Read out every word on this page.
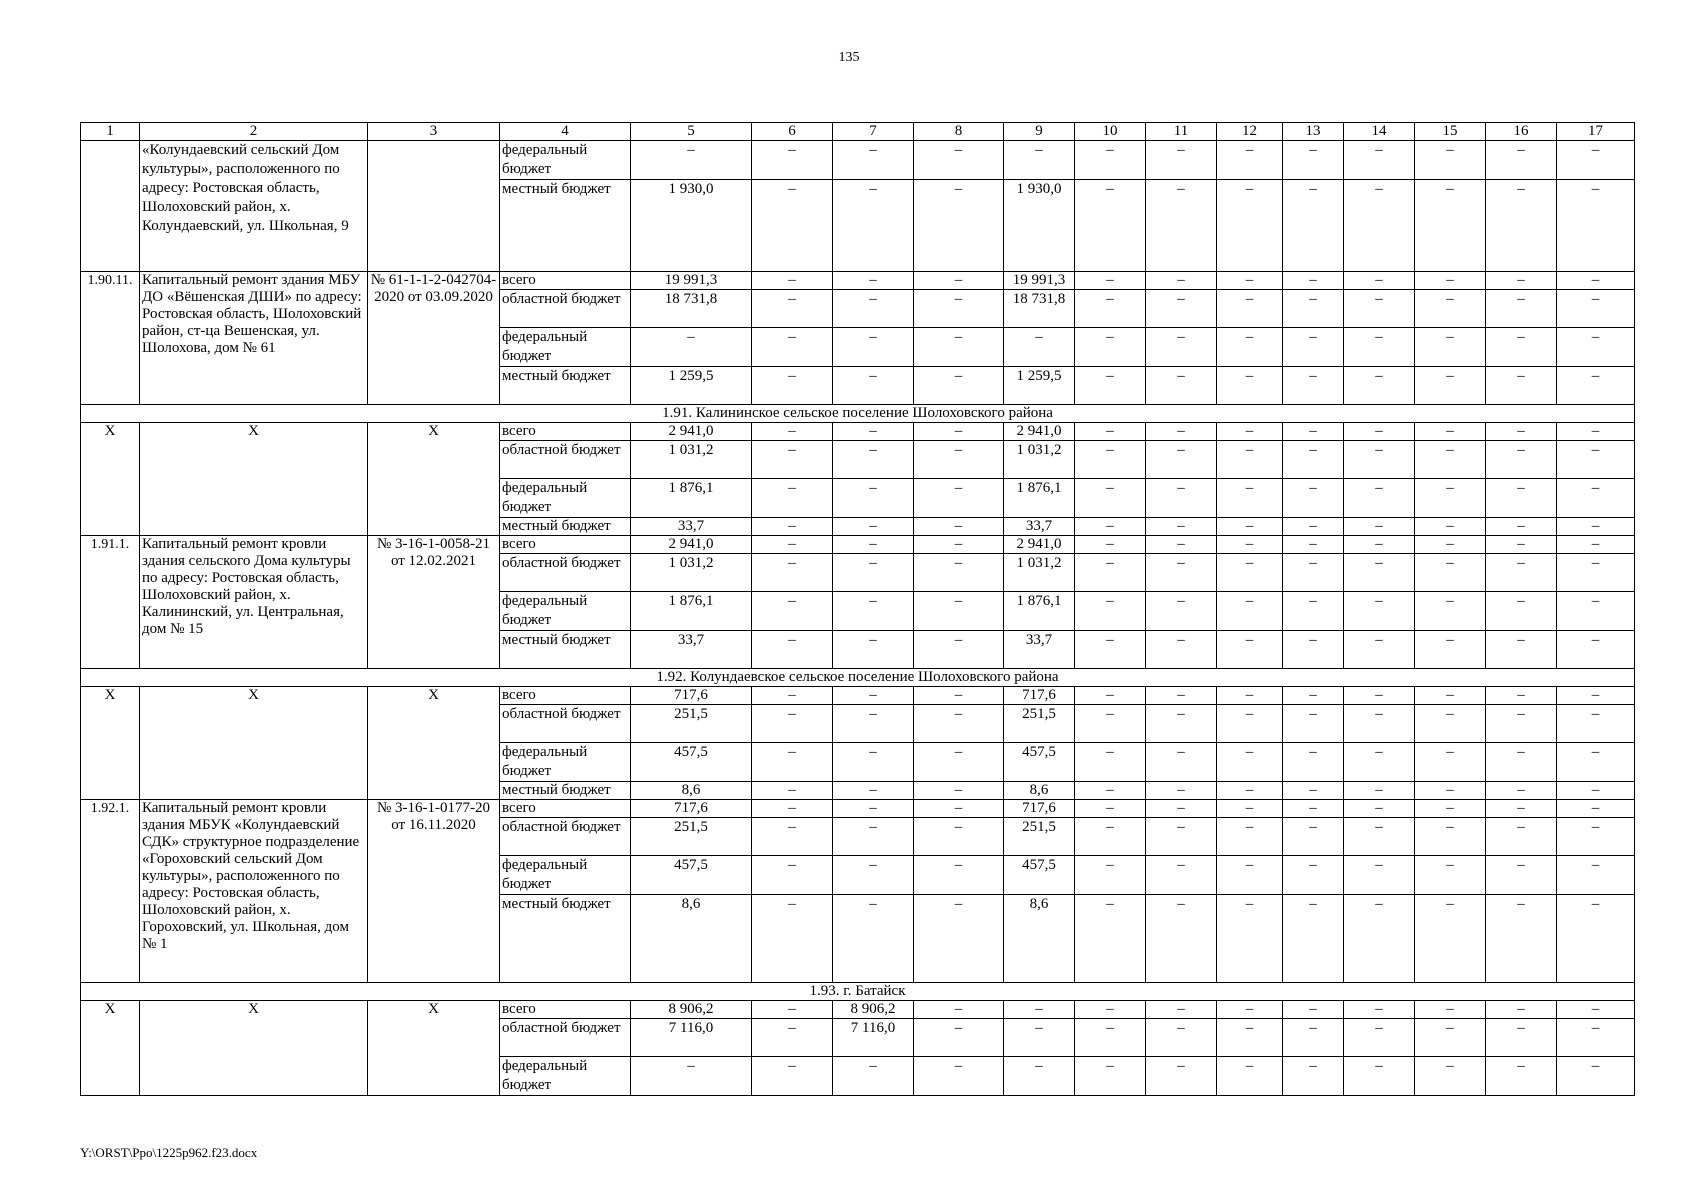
135
1	2	3	4	5	6	7	8	9	10	11	12	13	14	15	16	17
	«Колундаевский сельский Дом культуры», расположенного по адресу: Ростовская область, Шолоховский район, х. Колундаевский, ул. Школьная, 9		федеральный бюджет	–	–	–	–	–	–	–	–	–	–	–	–	–
			местный бюджет	1 930,0	–	–	–	1 930,0	–	–	–	–	–	–	–	–
1.90.11.	Капитальный ремонт здания МБУ ДО «Вёшенская ДШИ» по адресу: Ростовская область, Шолоховский район, ст-ца Вешенская, ул. Шолохова, дом № 61	№ 61-1-1-2-042704-2020 от 03.09.2020	всего	19 991,3	–	–	–	19 991,3	–	–	–	–	–	–	–	–
			областной бюджет	18 731,8	–	–	–	18 731,8	–	–	–	–	–	–	–	–
			федеральный бюджет	–	–	–	–	–	–	–	–	–	–	–	–	–
			местный бюджет	1 259,5	–	–	–	1 259,5	–	–	–	–	–	–	–	–
1.91. Калининское сельское поселение Шолоховского района																
X	X	X	всего	2 941,0	–	–	–	2 941,0	–	–	–	–	–	–	–	–
			областной бюджет	1 031,2	–	–	–	1 031,2	–	–	–	–	–	–	–	–
			федеральный бюджет	1 876,1	–	–	–	1 876,1	–	–	–	–	–	–	–	–
			местный бюджет	33,7	–	–	–	33,7	–	–	–	–	–	–	–	–
1.91.1.	Капитальный ремонт кровли здания сельского Дома культуры по адресу: Ростовская область, Шолоховский район, х. Калининский, ул. Центральная, дом № 15	№ 3-16-1-0058-21 от 12.02.2021	всего	2 941,0	–	–	–	2 941,0	–	–	–	–	–	–	–	–
			областной бюджет	1 031,2	–	–	–	1 031,2	–	–	–	–	–	–	–	–
			федеральный бюджет	1 876,1	–	–	–	1 876,1	–	–	–	–	–	–	–	–
			местный бюджет	33,7	–	–	–	33,7	–	–	–	–	–	–	–	–
1.92. Колундаевское сельское поселение Шолоховского района																
X	X	X	всего	717,6	–	–	–	717,6	–	–	–	–	–	–	–	–
			областной бюджет	251,5	–	–	–	251,5	–	–	–	–	–	–	–	–
			федеральный бюджет	457,5	–	–	–	457,5	–	–	–	–	–	–	–	–
			местный бюджет	8,6	–	–	–	8,6	–	–	–	–	–	–	–	–
1.92.1.	Капитальный ремонт кровли здания МБУК «Колундаевский СДК» структурное подразделение «Гороховский сельский Дом культуры», расположенного по адресу: Ростовская область, Шолоховский район, х. Гороховский, ул. Школьная, дом № 1	№ 3-16-1-0177-20 от 16.11.2020	всего	717,6	–	–	–	717,6	–	–	–	–	–	–	–	–
			областной бюджет	251,5	–	–	–	251,5	–	–	–	–	–	–	–	–
			федеральный бюджет	457,5	–	–	–	457,5	–	–	–	–	–	–	–	–
			местный бюджет	8,6	–	–	–	8,6	–	–	–	–	–	–	–	–
1.93. г. Батайск																
X	X	X	всего	8 906,2	–	8 906,2	–	–	–	–	–	–	–	–	–	–
			областной бюджет	7 116,0	–	7 116,0	–	–	–	–	–	–	–	–	–	–
			федеральный бюджет	–	–	–	–	–	–	–	–	–	–	–	–	–
Y:\ORST\Ppo\1225p962.f23.docx
